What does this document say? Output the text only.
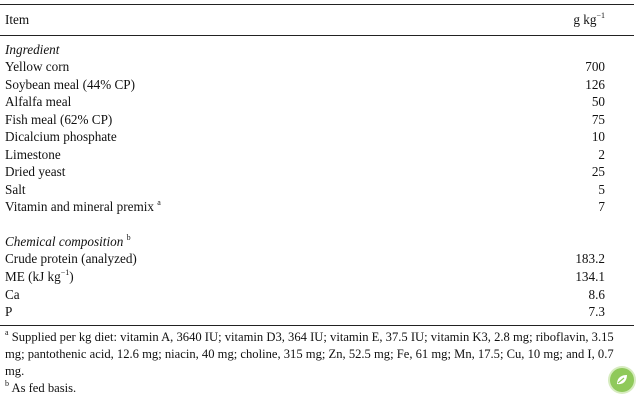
Item	g $kg^{-1}$
Ingredient
Yellow corn	700
Soybean meal (44% CP)	126
Alfalfa meal	50
Fish meal (62% CP)	75
Dicalcium phosphate	10
Limestone	2
Dried yeast	25
Salt	5
Vitamin and mineral premix $^a$	7
Chemical composition $^b$
Crude protein (analyzed)	183.2
ME (kJ $kg^{-1}$)	134.1
Ca	8.6
P	7.3
$^a$ Supplied per kg diet: vitamin A, 3640 IU; vitamin D3, 364 IU; vitamin E, 37.5 IU; vitamin K3, 2.8 mg; riboflavin, 3.15 mg; pantothenic acid, 12.6 mg; niacin, 40 mg; choline, 315 mg; Zn, 52.5 mg; Fe, 61 mg; Mn, 17.5; Cu, 10 mg; and I, 0.7 mg.
$^b$ As fed basis.
